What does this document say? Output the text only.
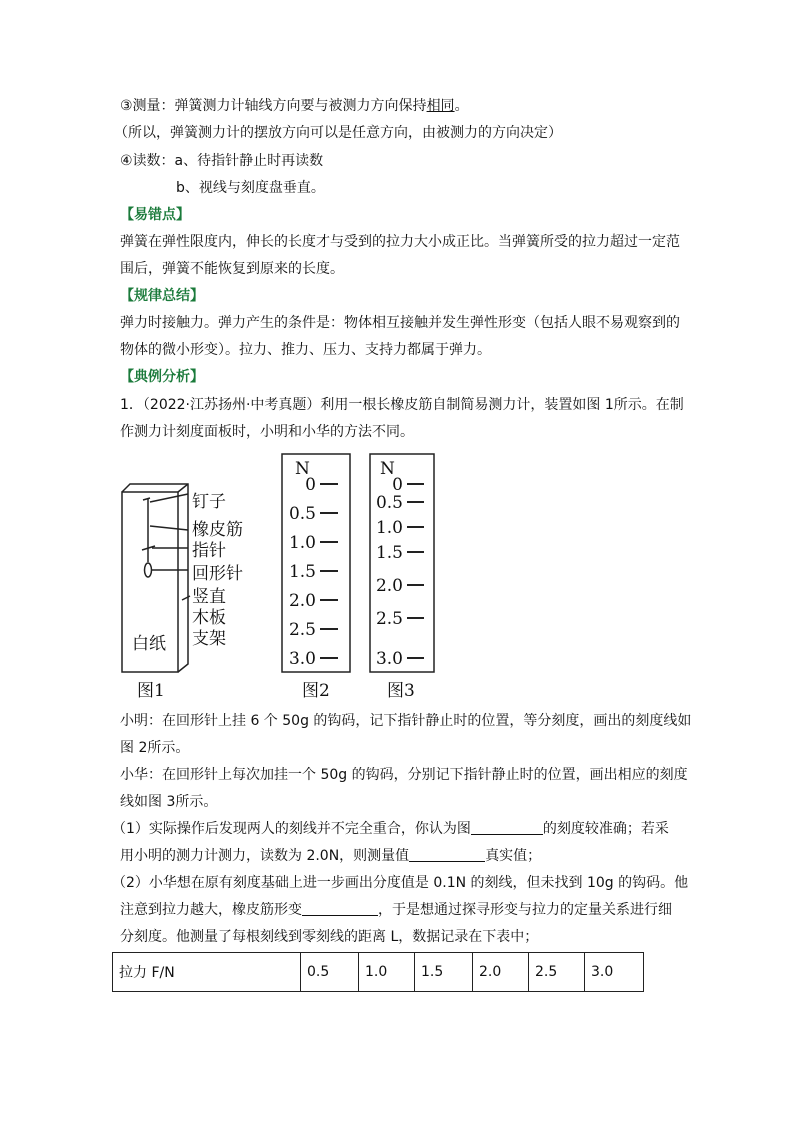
③测量：弹簧测力计轴线方向要与被测力方向保持相同。
（所以，弹簧测力计的摆放方向可以是任意方向，由被测力的方向决定）
④读数：a、待指针静止时再读数
b、视线与刻度盘垂直。
【易错点】
弹簧在弹性限度内，伸长的长度才与受到的拉力大小成正比。当弹簧所受的拉力超过一定范
围后，弹簧不能恢复到原来的长度。
【规律总结】
弹力时接触力。弹力产生的条件是：物体相互接触并发生弹性形变（包括人眼不易观察到的
物体的微小形变）。拉力、推力、压力、支持力都属于弹力。
【典例分析】
1．（2022·江苏扬州·中考真题）利用一根长橡皮筋自制简易测力计，装置如图 1所示。在制
作测力计刻度面板时，小明和小华的方法不同。
钉子
橡皮筋
指针
回形针
竖直
木板
支架
白纸
图1
N
0
0.5
1.0
1.5
2.0
2.5
3.0
图2
N
0
0.5
1.0
1.5
2.0
2.5
3.0
图3
小明：在回形针上挂 6 个 50g 的钩码，记下指针静止时的位置，等分刻度，画出的刻度线如
图 2所示。
小华：在回形针上每次加挂一个 50g 的钩码，分别记下指针静止时的位置，画出相应的刻度
线如图 3所示。
（1）实际操作后发现两人的刻线并不完全重合，你认为图	的刻度较准确；若采
用小明的测力计测力，读数为 2.0N，则测量值	真实值；
（2）小华想在原有刻度基础上进一步画出分度值是 0.1N 的刻线，但未找到 10g 的钩码。他
注意到拉力越大，橡皮筋形变	，于是想通过探寻形变与拉力的定量关系进行细
分刻度。他测量了每根刻线到零刻线的距离 L，数据记录在下表中；
拉力 F/N	0.5	1.0	1.5	2.0	2.5	3.0
